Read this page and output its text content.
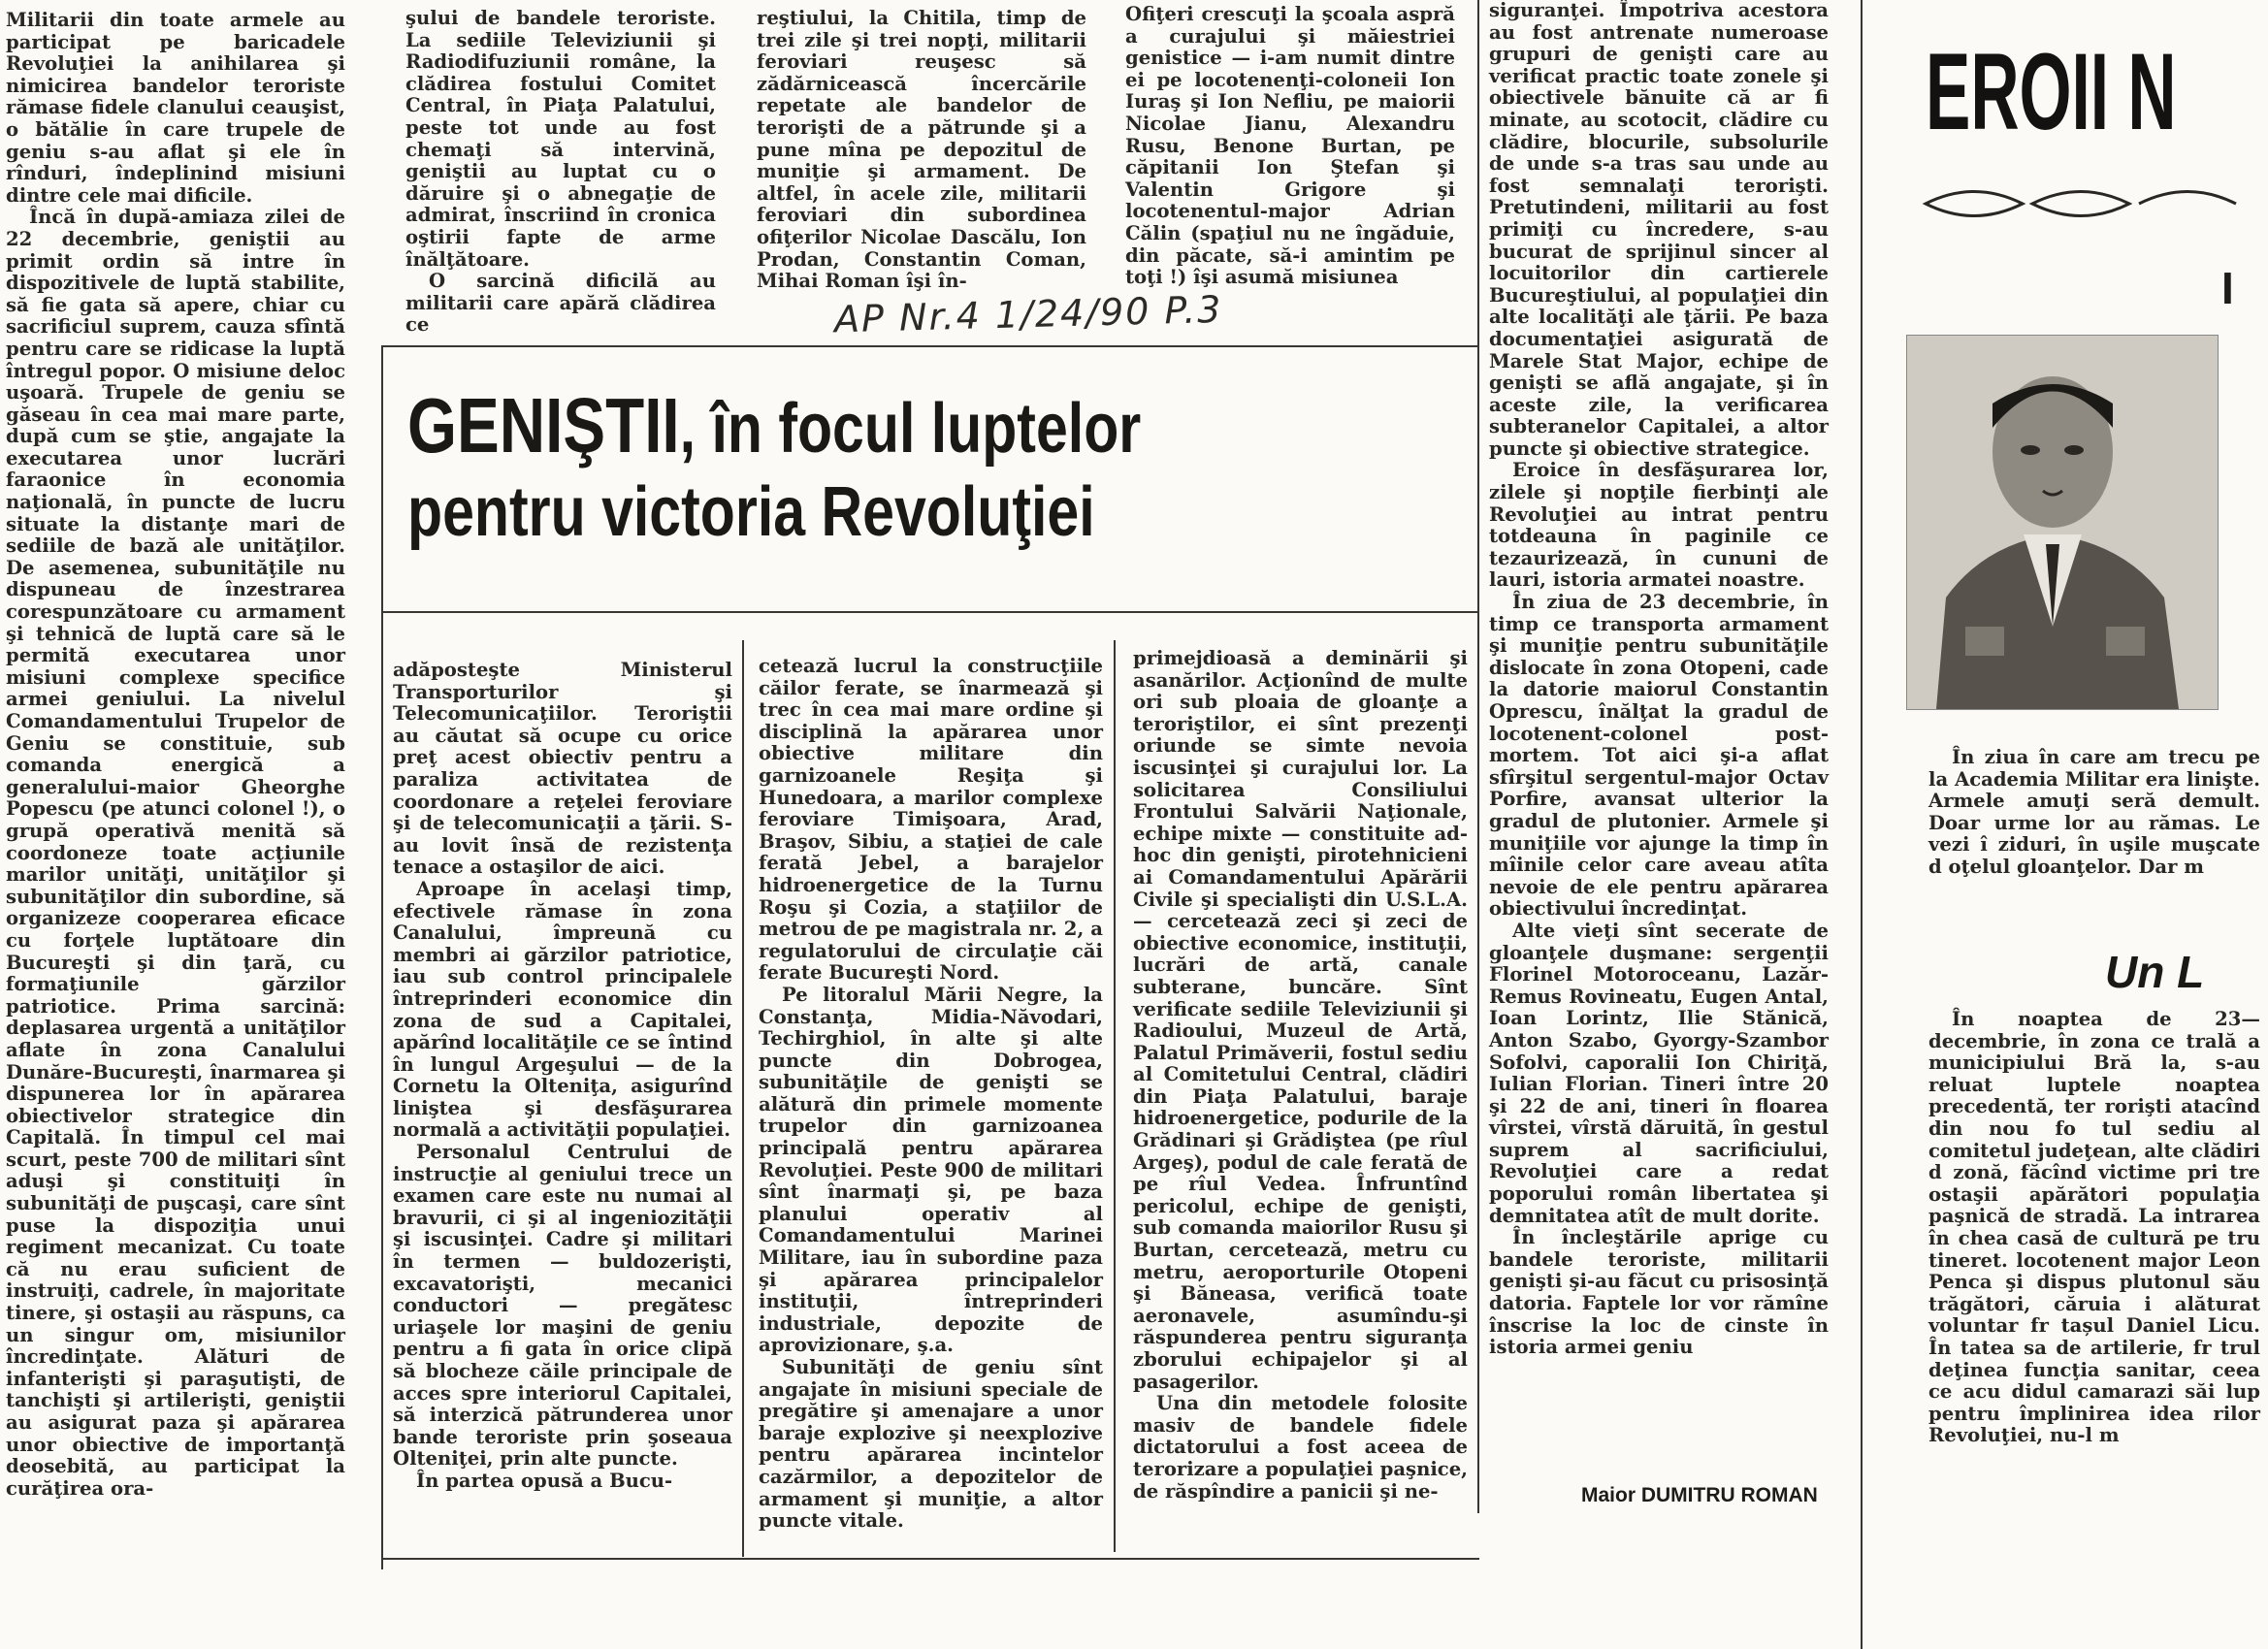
Militarii din toate armele au participat pe baricadele Revoluţiei la anihilarea şi nimicirea bandelor teroriste rămase fidele clanului ceauşist, o bătălie în care trupele de geniu s-au aflat şi ele în rînduri, îndeplinind misiuni dintre cele mai dificile.

Încă în după-amiaza zilei de 22 decembrie, geniştii au primit ordin să intre în dispozitivele de luptă stabilite, să fie gata să apere, chiar cu sacrificiul suprem, cauza sfîntă pentru care se ridicase la luptă întregul popor. O misiune deloc uşoară. Trupele de geniu se găseau în cea mai mare parte, după cum se ştie, angajate la executarea unor lucrări faraonice în economia naţională, în puncte de lucru situate la distanţe mari de sediile de bază ale unităţilor. De asemenea, subunităţile nu dispuneau de înzestrarea corespunzătoare cu armament şi tehnică de luptă care să le permită executarea unor misiuni complexe specifice armei geniului. La nivelul Comandamentului Trupelor de Geniu se constituie, sub comanda energică a generalului-maior Gheorghe Popescu (pe atunci colonel !), o grupă operativă menită să coordoneze toate acţiunile marilor unităţi, unităţilor şi subunităţilor din subordine, să organizeze cooperarea eficace cu forţele luptătoare din Bucureşti şi din ţară, cu formaţiunile gărzilor patriotice. Prima sarcină: deplasarea urgentă a unităţilor aflate în zona Canalului Dunăre-Bucureşti, înarmarea şi dispunerea lor în apărarea obiectivelor strategice din Capitală. În timpul cel mai scurt, peste 700 de militari sînt aduşi şi constituiţi în subunităţi de puşcaşi, care sînt puse la dispoziţia unui regiment mecanizat. Cu toate că nu erau suficient de instruiţi, cadrele, în majoritate tinere, şi ostaşii au răspuns, ca un singur om, misiunilor încredinţate. Alături de infanterişti şi paraşutişti, de tanchişti şi artilerişti, geniştii au asigurat paza şi apărarea unor obiective de importanţă deosebită, au participat la curăţirea ora-

şului de bandele teroriste. La sediile Televiziunii şi Radiodifuziunii române, la clădirea fostului Comitet Central, în Piaţa Palatului, peste tot unde au fost chemaţi să intervină, geniştii au luptat cu o dăruire şi o abnegaţie de admirat, înscriind în cronica oştirii fapte de arme înălţătoare.

O sarcină dificilă au militarii care apără clădirea ce

reştiului, la Chitila, timp de trei zile şi trei nopţi, militarii feroviari reuşesc să zădărnicească încercările repetate ale bandelor de terorişti de a pătrunde şi a pune mîna pe depozitul de muniţie şi armament. De altfel, în acele zile, militarii feroviari din subordinea ofiţerilor Nicolae Dascălu, Ion Prodan, Constantin Coman, Mihai Roman îşi în-

Ofiţeri crescuţi la şcoala aspră a curajului şi măiestriei genistice — i-am numit dintre ei pe locotenenţi-coloneii Ion Iuraş şi Ion Nefliu, pe maiorii Nicolae Jianu, Alexandru Rusu, Benone Burtan, pe căpitanii Ion Ştefan şi Valentin Grigore şi locotenentul-major Adrian Călin (spaţiul nu ne îngăduie, din păcate, să-i amintim pe toţi !) îşi asumă misiunea

siguranţei. Împotriva acestora au fost antrenate numeroase grupuri de genişti care au verificat practic toate zonele şi obiectivele bănuite că ar fi minate, au scotocit, clădire cu clădire, blocurile, subsolurile de unde s-a tras sau unde au fost semnalaţi terorişti. Pretutindeni, militarii au fost primiţi cu încredere, s-au bucurat de sprijinul sincer al locuitorilor din cartierele Bucureştiului, al populaţiei din alte localităţi ale ţării. Pe baza documentaţiei asigurată de Marele Stat Major, echipe de genişti se află angajate, şi în aceste zile, la verificarea subteranelor Capitalei, a altor puncte şi obiective strategice.

Eroice în desfăşurarea lor, zilele şi nopţile fierbinţi ale Revoluţiei au intrat pentru totdeauna în paginile ce tezaurizează, în cununi de lauri, istoria armatei noastre.

În ziua de 23 decembrie, în timp ce transporta armament şi muniţie pentru subunităţile dislocate în zona Otopeni, cade la datorie maiorul Constantin Oprescu, înălţat la gradul de locotenent-colonel post-mortem. Tot aici şi-a aflat sfîrşitul sergentul-major Octav Porfire, avansat ulterior la gradul de plutonier. Armele şi muniţiile vor ajunge la timp în mîinile celor care aveau atîta nevoie de ele pentru apărarea obiectivului încredinţat.

Alte vieţi sînt secerate de gloanţele duşmane: sergenţii Florinel Motoroceanu, Lazăr-Remus Rovineatu, Eugen Antal, Ioan Lorintz, Ilie Stănică, Anton Szabo, Gyorgy-Szambor Sofolvi, caporalii Ion Chiriţă, Iulian Florian. Tineri între 20 şi 22 de ani, tineri în floarea vîrstei, vîrstă dăruită, în gestul suprem al sacrificiului, Revoluţiei care a redat poporului român libertatea şi demnitatea atît de mult dorite.

În încleştările aprige cu bandele teroriste, militarii genişti şi-au făcut cu prisosinţă datoria. Faptele lor vor rămîne înscrise la loc de cinste în istoria armei geniu

AP Nr.4 1/24/90 P.3
GENIŞTII, în focul luptelor
pentru victoria Revoluţiei

adăposteşte Ministerul Transporturilor şi Telecomunicaţiilor. Teroriştii au căutat să ocupe cu orice preţ acest obiectiv pentru a paraliza activitatea de coordonare a reţelei feroviare şi de telecomunicaţii a ţării. S-au lovit însă de rezistenţa tenace a ostaşilor de aici.

Aproape în acelaşi timp, efectivele rămase în zona Canalului, împreună cu membri ai gărzilor patriotice, iau sub control principalele întreprinderi economice din zona de sud a Capitalei, apărînd localităţile ce se întind în lungul Argeşului — de la Cornetu la Olteniţa, asigurînd liniştea şi desfăşurarea normală a activităţii populaţiei.

Personalul Centrului de instrucţie al geniului trece un examen care este nu numai al bravurii, ci şi al ingeniozităţii şi iscusinţei. Cadre şi militari în termen — buldozerişti, excavatorişti, mecanici conductori — pregătesc uriaşele lor maşini de geniu pentru a fi gata în orice clipă să blocheze căile principale de acces spre interiorul Capitalei, să interzică pătrunderea unor bande teroriste prin şoseaua Olteniţei, prin alte puncte.

În partea opusă a Bucu-

cetează lucrul la construcţiile căilor ferate, se înarmează şi trec în cea mai mare ordine şi disciplină la apărarea unor obiective militare din garnizoanele Reşiţa şi Hunedoara, a marilor complexe feroviare Timişoara, Arad, Braşov, Sibiu, a staţiei de cale ferată Jebel, a barajelor hidroenergetice de la Turnu Roşu şi Cozia, a staţiilor de metrou de pe magistrala nr. 2, a regulatorului de circulaţie căi ferate Bucureşti Nord.

Pe litoralul Mării Negre, la Constanţa, Midia-Năvodari, Techirghiol, în alte şi alte puncte din Dobrogea, subunităţile de genişti se alătură din primele momente trupelor din garnizoanea principală pentru apărarea Revoluţiei. Peste 900 de militari sînt înarmaţi şi, pe baza planului operativ al Comandamentului Marinei Militare, iau în subordine paza şi apărarea principalelor instituţii, întreprinderi industriale, depozite de aprovizionare, ş.a.

Subunităţi de geniu sînt angajate în misiuni speciale de pregătire şi amenajare a unor baraje explozive şi neexplozive pentru apărarea incintelor cazărmilor, a depozitelor de armament şi muniţie, a altor puncte vitale.

primejdioasă a deminării şi asanărilor. Acţionînd de multe ori sub ploaia de gloanţe a teroriştilor, ei sînt prezenţi oriunde se simte nevoia iscusinţei şi curajului lor. La solicitarea Consiliului Frontului Salvării Naţionale, echipe mixte — constituite ad-hoc din genişti, pirotehnicieni ai Comandamentului Apărării Civile şi specialişti din U.S.L.A. — cercetează zeci şi zeci de obiective economice, instituţii, lucrări de artă, canale subterane, buncăre. Sînt verificate sediile Televiziunii şi Radioului, Muzeul de Artă, Palatul Primăverii, fostul sediu al Comitetului Central, clădiri din Piaţa Palatului, baraje hidroenergetice, podurile de la Grădinari şi Grădiştea (pe rîul Argeş), podul de cale ferată de pe rîul Vedea. Înfruntînd pericolul, echipe de genişti, sub comanda maiorilor Rusu şi Burtan, cercetează, metru cu metru, aeroporturile Otopeni şi Băneasa, verifică toate aeronavele, asumîndu-şi răspunderea pentru siguranţa zborului echipajelor şi al pasagerilor.

Una din metodele folosite masiv de bandele fidele dictatorului a fost aceea de terorizare a populaţiei paşnice, de răspîndire a panicii şi ne-	Maior DUMITRU ROMAN
EROII N
I

În ziua în care am trecu pe la Academia Militar era linişte. Armele amuţi seră demult. Doar urme lor au rămas. Le vezi î ziduri, în uşile muşcate d oţelul gloanţelor. Dar m

Un L

În noaptea de 23— decembrie, în zona ce trală a municipiului Bră la, s-au reluat luptele noaptea precedentă, ter rorişti atacînd din nou fo tul sediu al comitetul judeţean, alte clădiri d zonă, făcînd victime pri tre ostaşii apărători populaţia paşnică de stradă. La intrarea în chea casă de cultură pe tru tineret. locotenent major Leon Penca şi dispus plutonul său trăgători, căruia i alăturat voluntar fr tașul Daniel Licu. În tatea sa de artilerie, fr trul deţinea funcţia sanitar, ceea ce acu didul camarazi săi lup pentru împlinirea idea rilor Revoluţiei, nu-l m
